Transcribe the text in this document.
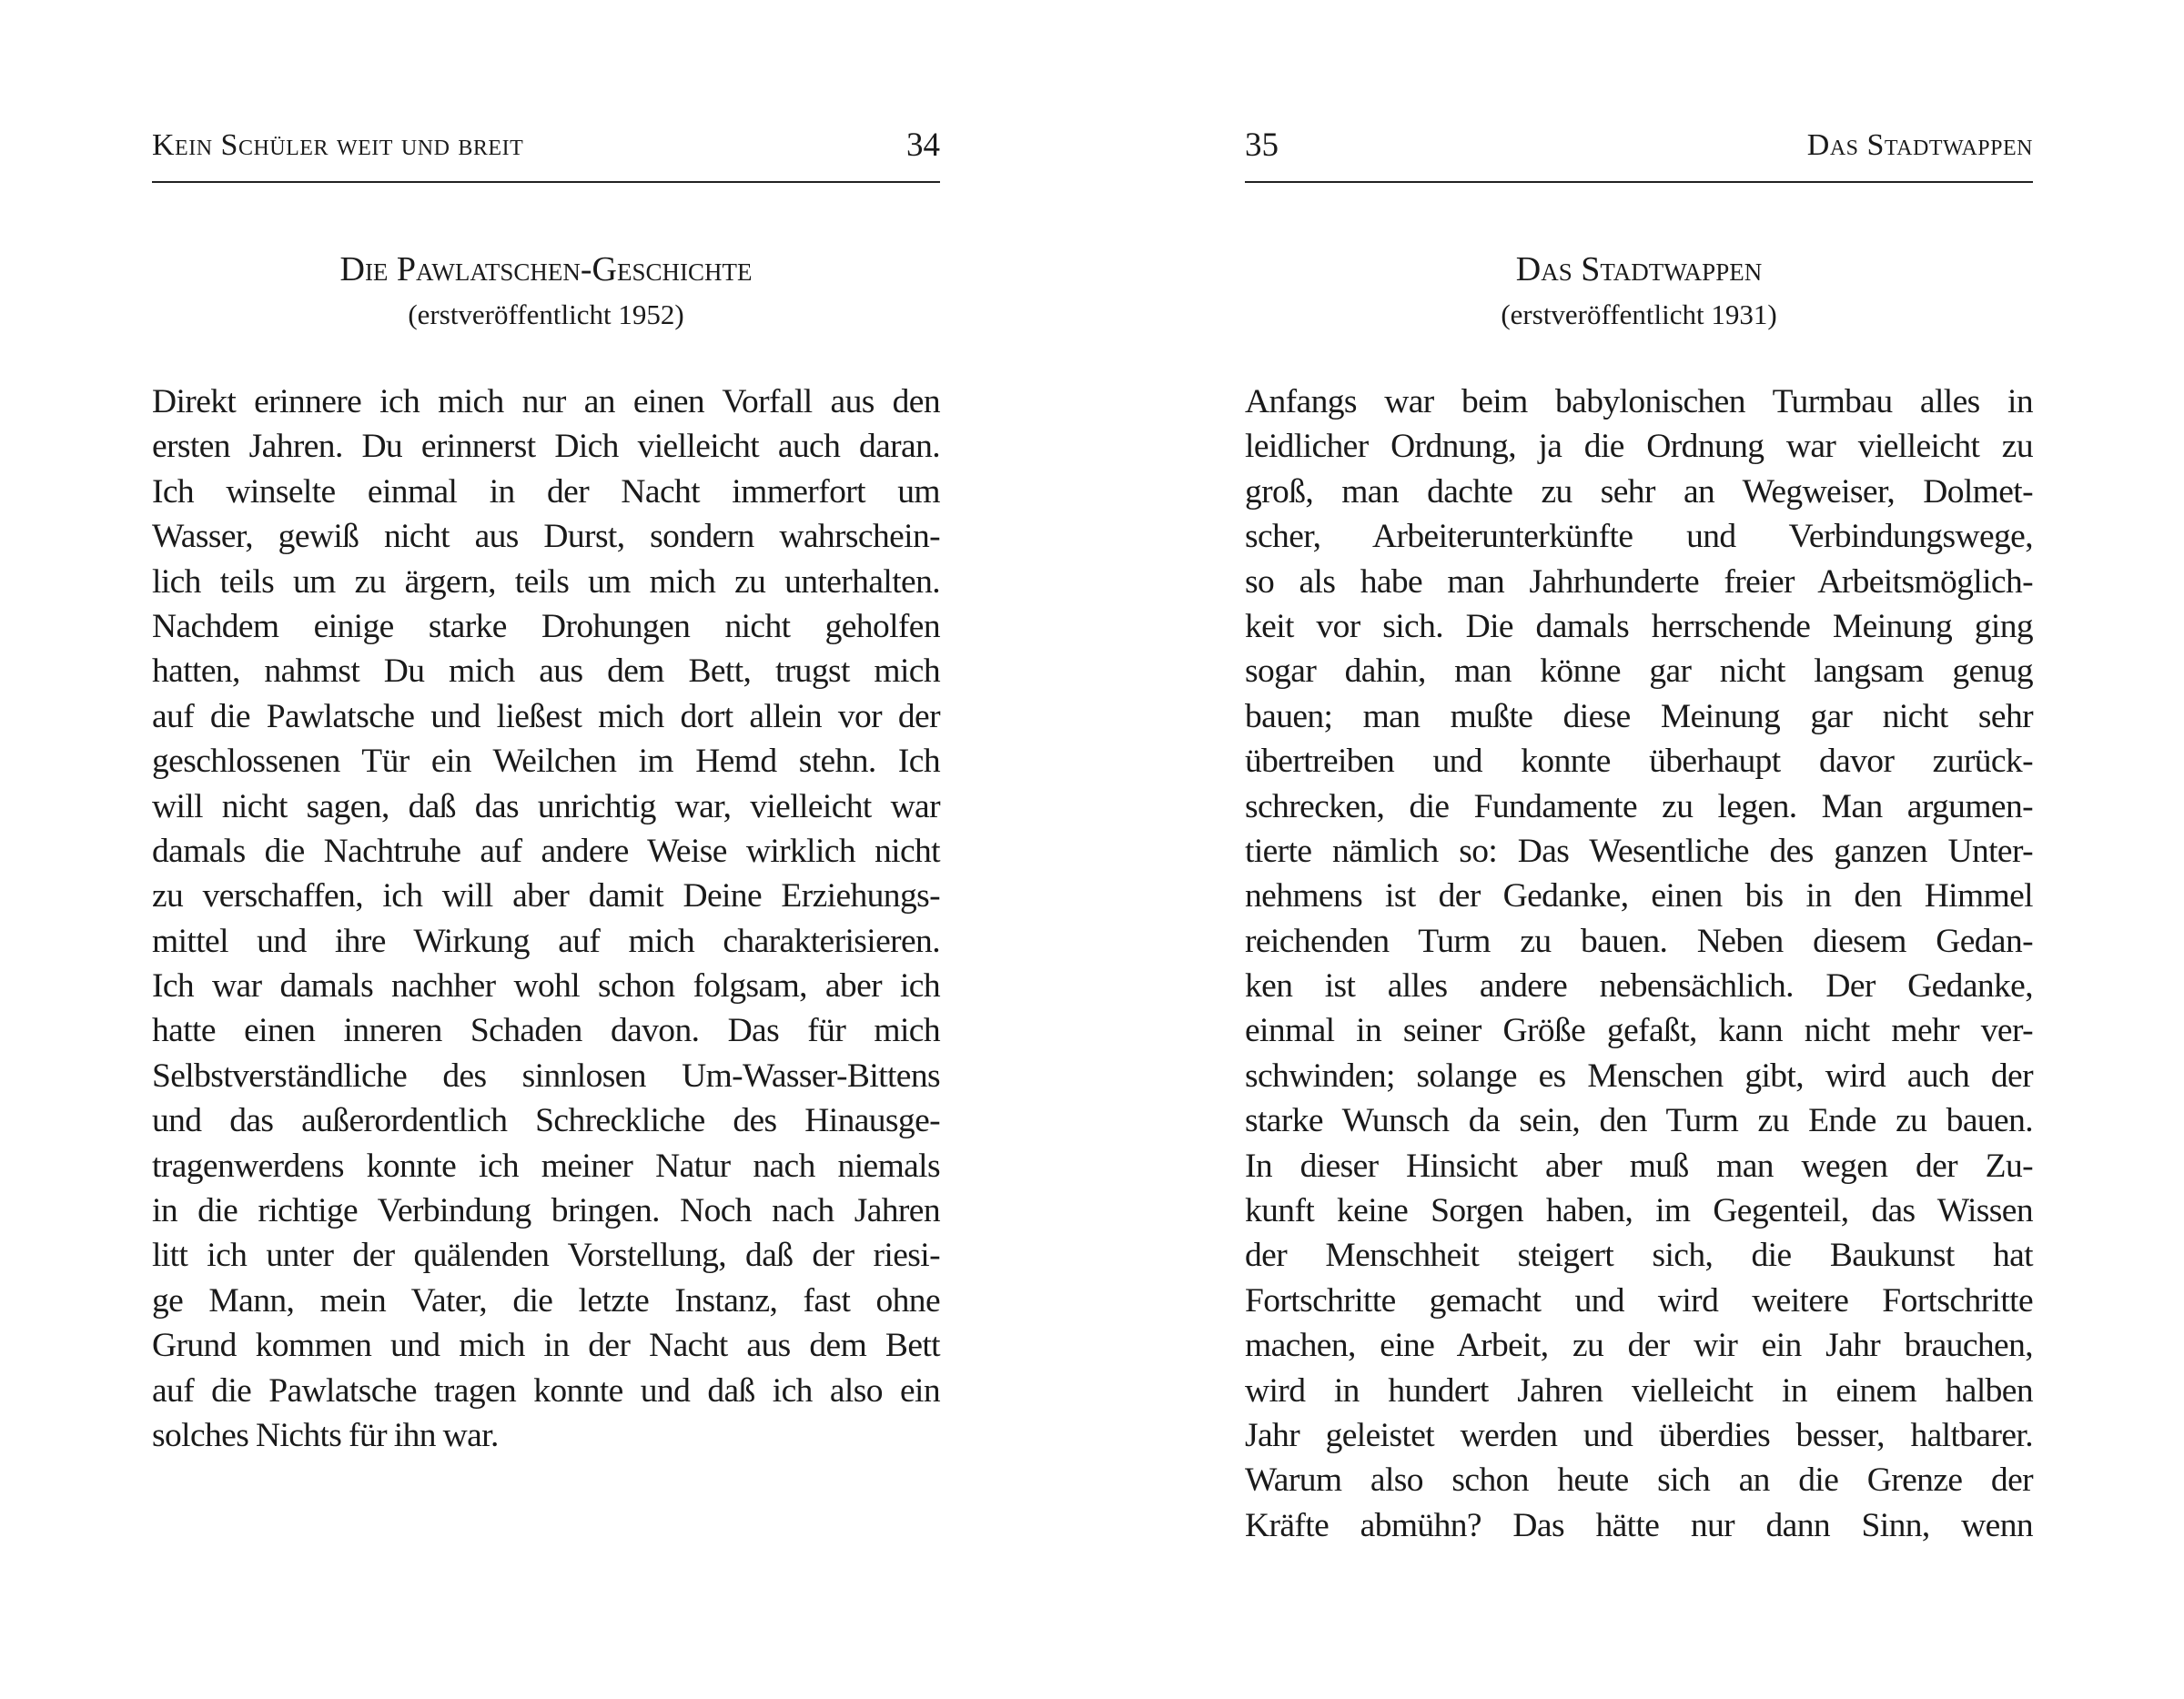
Kein Schüler weit und breit	34
Die Pawlatschen-Geschichte
(erstveröffentlicht 1952)
Direkt erinnere ich mich nur an einen Vorfall aus den
ersten Jahren. Du erinnerst Dich vielleicht auch daran.
Ich winselte einmal in der Nacht immerfort um
Wasser, gewiß nicht aus Durst, sondern wahrschein-
lich teils um zu ärgern, teils um mich zu unterhalten.
Nachdem einige starke Drohungen nicht geholfen
hatten, nahmst Du mich aus dem Bett, trugst mich
auf die Pawlatsche und ließest mich dort allein vor der
geschlossenen Tür ein Weilchen im Hemd stehn. Ich
will nicht sagen, daß das unrichtig war, vielleicht war
damals die Nachtruhe auf andere Weise wirklich nicht
zu verschaffen, ich will aber damit Deine Erziehungs-
mittel und ihre Wirkung auf mich charakterisieren.
Ich war damals nachher wohl schon folgsam, aber ich
hatte einen inneren Schaden davon. Das für mich
Selbstverständliche des sinnlosen Um-Wasser-Bittens
und das außerordentlich Schreckliche des Hinausge-
tragenwerdens konnte ich meiner Natur nach niemals
in die richtige Verbindung bringen. Noch nach Jahren
litt ich unter der quälenden Vorstellung, daß der riesi-
ge Mann, mein Vater, die letzte Instanz, fast ohne
Grund kommen und mich in der Nacht aus dem Bett
auf die Pawlatsche tragen konnte und daß ich also ein
solches Nichts für ihn war.
35	Das Stadtwappen
Das Stadtwappen
(erstveröffentlicht 1931)
Anfangs war beim babylonischen Turmbau alles in
leidlicher Ordnung, ja die Ordnung war vielleicht zu
groß, man dachte zu sehr an Wegweiser, Dolmet-
scher, Arbeiterunterkünfte und Verbindungswege,
so als habe man Jahrhunderte freier Arbeitsmöglich-
keit vor sich. Die damals herrschende Meinung ging
sogar dahin, man könne gar nicht langsam genug
bauen; man mußte diese Meinung gar nicht sehr
übertreiben und konnte überhaupt davor zurück-
schrecken, die Fundamente zu legen. Man argumen-
tierte nämlich so: Das Wesentliche des ganzen Unter-
nehmens ist der Gedanke, einen bis in den Himmel
reichenden Turm zu bauen. Neben diesem Gedan-
ken ist alles andere nebensächlich. Der Gedanke,
einmal in seiner Größe gefaßt, kann nicht mehr ver-
schwinden; solange es Menschen gibt, wird auch der
starke Wunsch da sein, den Turm zu Ende zu bauen.
In dieser Hinsicht aber muß man wegen der Zu-
kunft keine Sorgen haben, im Gegenteil, das Wissen
der Menschheit steigert sich, die Baukunst hat
Fortschritte gemacht und wird weitere Fortschritte
machen, eine Arbeit, zu der wir ein Jahr brauchen,
wird in hundert Jahren vielleicht in einem halben
Jahr geleistet werden und überdies besser, haltbarer.
Warum also schon heute sich an die Grenze der
Kräfte abmühn? Das hätte nur dann Sinn, wenn
